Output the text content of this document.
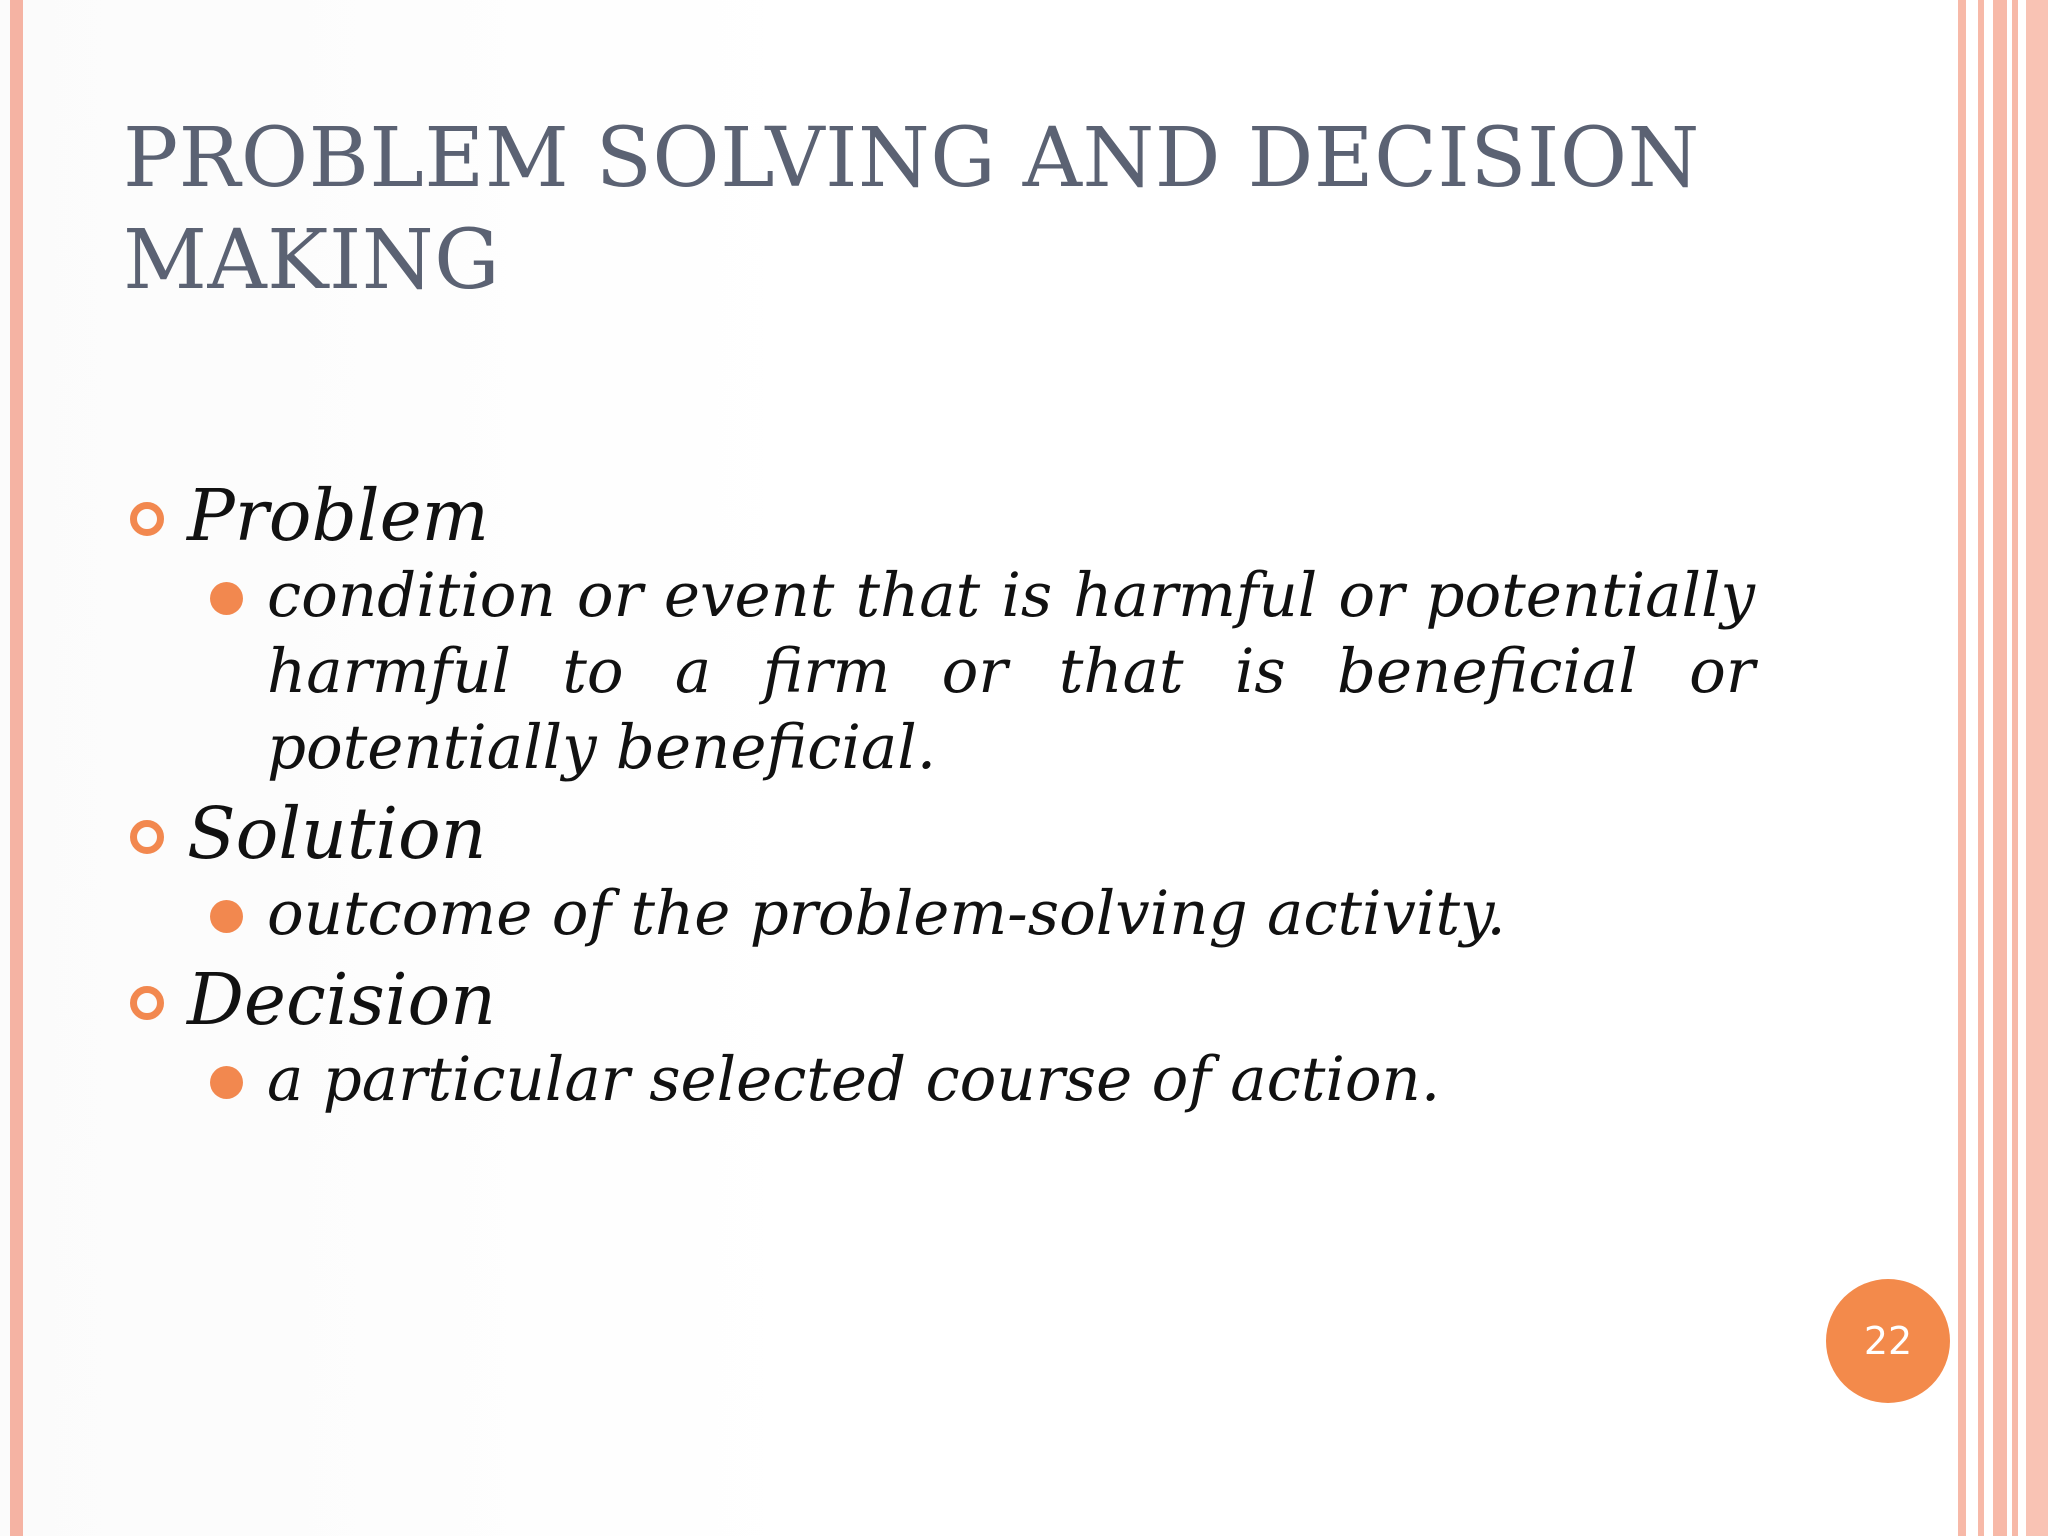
PROBLEM SOLVING AND DECISION MAKING
Problem
condition or event that is harmful or potentially harmful to a firm or that is beneficial or potentially beneficial.
Solution
outcome of the problem-solving activity.
Decision
a particular selected course of action.
22
